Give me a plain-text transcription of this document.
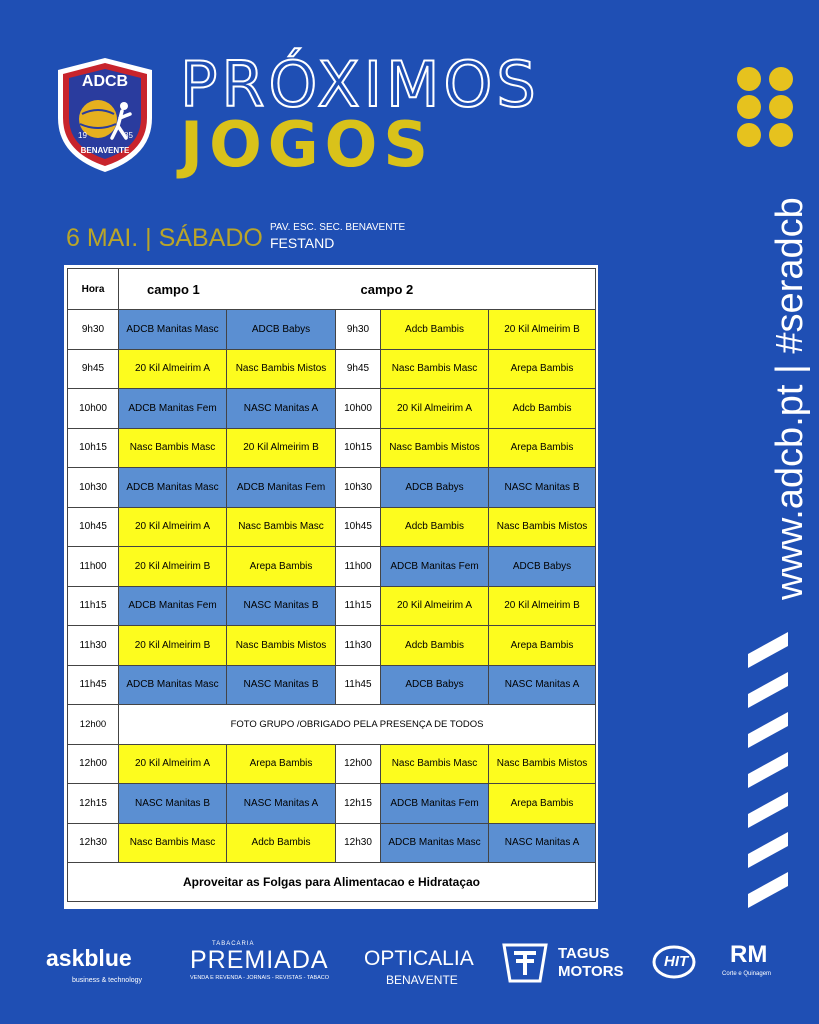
ADCB
19	85
BENAVENTE
PRÓXIMOS
JOGOS
6 MAI. | SÁBADO PAV. ESC. SEC. BENAVENTE
FESTAND	www.adcb.pt | #seradcb
Hora	campo 1		campo 2		
9h30	ADCB Manitas Masc	ADCB Babys	9h30	Adcb Bambis	20 Kil Almeirim B
9h45	20 Kil Almeirim A	Nasc Bambis Mistos	9h45	Nasc Bambis Masc	Arepa Bambis
10h00	ADCB Manitas Fem	NASC Manitas A	10h00	20 Kil Almeirim A	Adcb Bambis
10h15	Nasc Bambis Masc	20 Kil Almeirim B	10h15	Nasc Bambis Mistos	Arepa Bambis
10h30	ADCB Manitas Masc	ADCB Manitas Fem	10h30	ADCB Babys	NASC Manitas B
10h45	20 Kil Almeirim A	Nasc Bambis Masc	10h45	Adcb Bambis	Nasc Bambis Mistos
11h00	20 Kil Almeirim B	Arepa Bambis	11h00	ADCB Manitas Fem	ADCB Babys
11h15	ADCB Manitas Fem	NASC Manitas B	11h15	20 Kil Almeirim A	20 Kil Almeirim B
11h30	20 Kil Almeirim B	Nasc Bambis Mistos	11h30	Adcb Bambis	Arepa Bambis
11h45	ADCB Manitas Masc	NASC Manitas B	11h45	ADCB Babys	NASC Manitas A
12h00	FOTO GRUPO /OBRIGADO PELA PRESENÇA DE TODOS				
12h00	20 Kil Almeirim A	Arepa Bambis	12h00	Nasc Bambis Masc	Nasc Bambis Mistos
12h15	NASC Manitas B	NASC Manitas A	12h15	ADCB Manitas Fem	Arepa Bambis
12h30	Nasc Bambis Masc	Adcb Bambis	12h30	ADCB Manitas Masc	NASC Manitas A
Aproveitar as Folgas para Alimentacao e Hidrataçao					
askblue
business & technology
TABACARIA
PREMIADA
VENDA E REVENDA - JORNAIS - REVISTAS - TABACO
OPTICALIA
BENAVENTE
TAGUS
MOTORS
HIT RM
Corte e Quinagem
